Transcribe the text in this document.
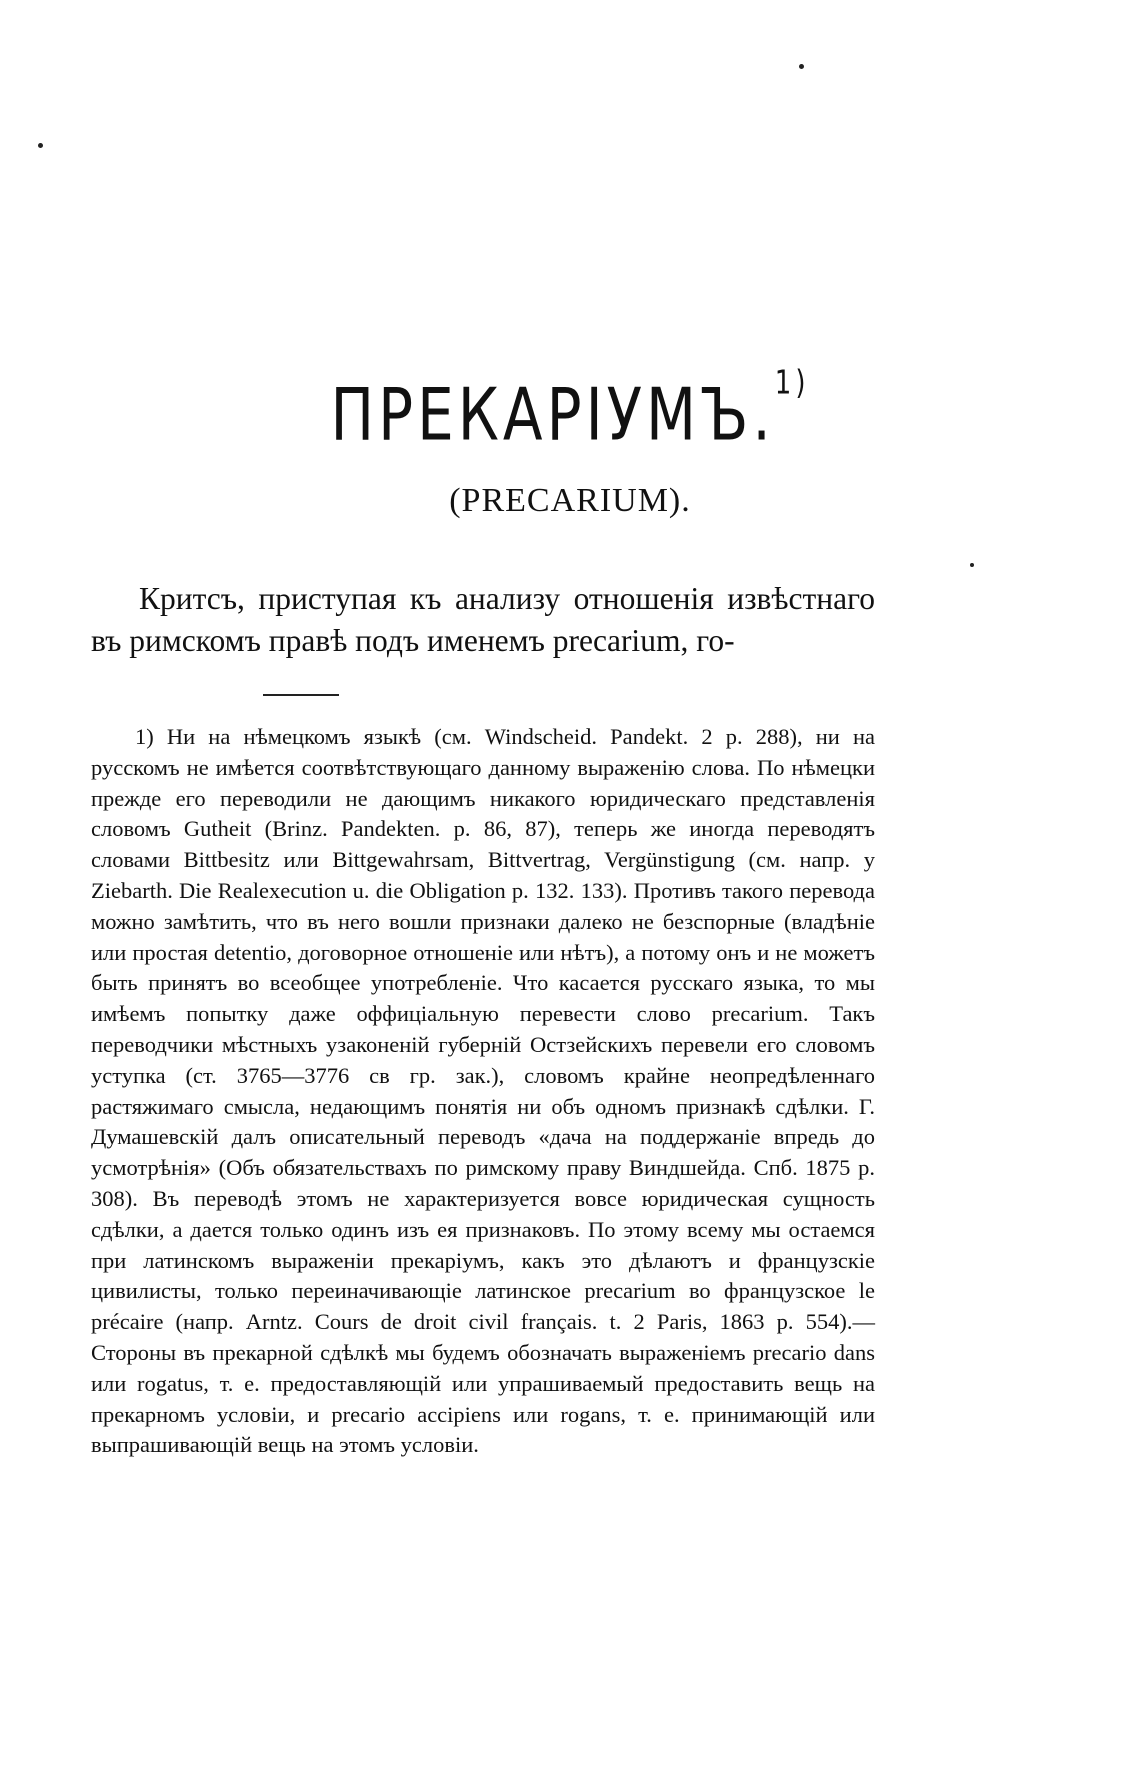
ПРЕКАРІУМЪ.$^{1)}$
(PRECARIUM).

Критсъ, приступая къ анализу отношенія извѣстнаго въ римскомъ правѣ подъ именемъ precarium, го-

1) Ни на нѣмецкомъ языкѣ (см. Windscheid. Pandekt. 2 p. 288), ни на русскомъ не имѣется соотвѣтствующаго данному выраженію слова. По нѣмецки прежде его переводили не дающимъ никакого юридическаго представленія словомъ Gutheit (Brinz. Pandekten. p. 86, 87), теперь же иногда переводятъ словами Bittbesitz или Bittgewahrsam, Bittvertrag, Vergünstigung (см. напр. y Ziebarth. Die Realexecution u. die Obligation p. 132. 133). Противъ такого перевода можно замѣтить, что въ него вошли признаки далеко не безспорные (владѣніе или простая detentio, договорное отношеніе или нѣтъ), а потому онъ и не можетъ быть принятъ во всеобщее употребленіе. Что касается русскаго языка, то мы имѣемъ попытку даже оффиціальную перевести слово precarium. Такъ переводчики мѣстныхъ узаконеній губерній Остзейскихъ перевели его словомъ уступка (ст. 3765—3776 св гр. зак.), словомъ крайне неопредѣленнаго растяжимаго смысла, недающимъ понятія ни объ одномъ признакѣ сдѣлки. Г. Думашевскій далъ описательный переводъ «дача на поддержаніе впредь до усмотрѣнія» (Объ обязательствахъ по римскому праву Виндшейда. Спб. 1875 p. 308). Въ переводѣ этомъ не характеризуется вовсе юридическая сущность сдѣлки, а дается только одинъ изъ ея признаковъ. По этому всему мы остаемся при латинскомъ выраженіи прекаріумъ, какъ это дѣлаютъ и французскіе цивилисты, только переиначивающіе латинское precarium во французское le précaire (напр. Arntz. Cours de droit civil français. t. 2 Paris, 1863 p. 554).—Стороны въ прекарной сдѣлкѣ мы будемъ обозначать выраженіемъ precario dans или rogatus, т. е. предоставляющій или упрашиваемый предоставить вещь на прекарномъ условіи, и precario accipiens или rogans, т. е. принимающій или выпрашивающій вещь на этомъ условіи.
